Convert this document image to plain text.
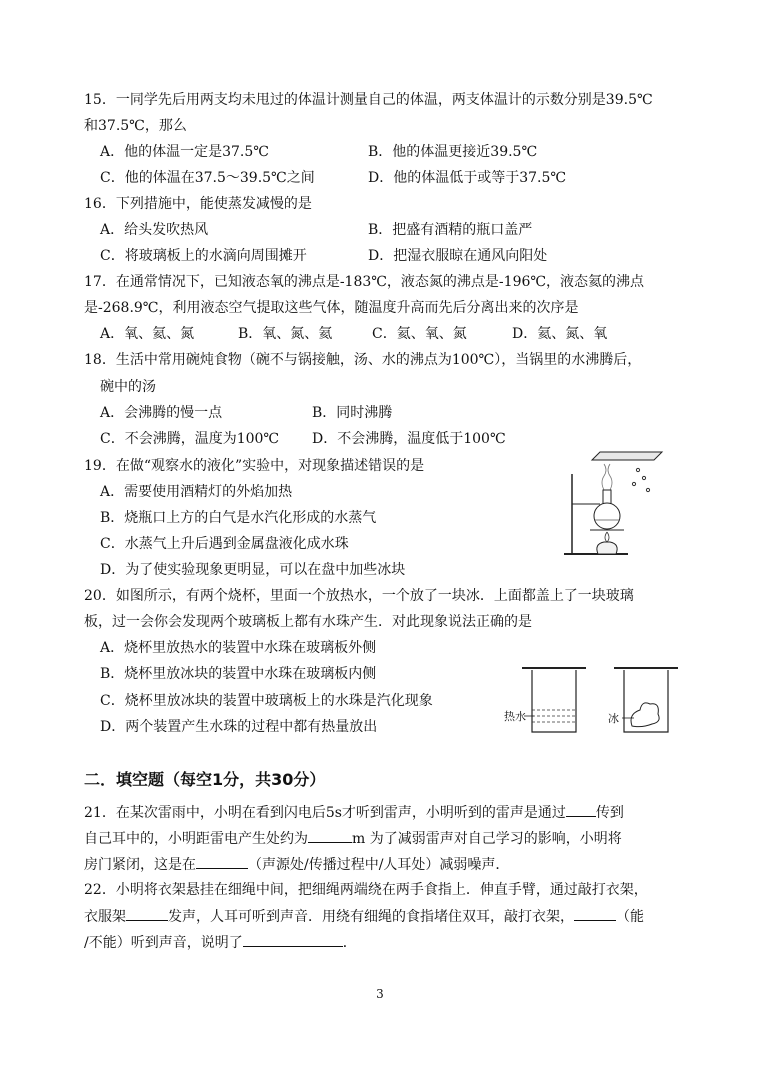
15．一同学先后用两支均未甩过的体温计测量自己的体温，两支体温计的示数分别是39.5℃
和37.5℃，那么
A．他的体温一定是37.5℃	B．他的体温更接近39.5℃
C．他的体温在37.5～39.5℃之间	D．他的体温低于或等于37.5℃
16．下列措施中，能使蒸发减慢的是
A．给头发吹热风	B．把盛有酒精的瓶口盖严
C．将玻璃板上的水滴向周围摊开	D．把湿衣服晾在通风向阳处
17．在通常情况下，已知液态氧的沸点是-183℃，液态氮的沸点是-196℃，液态氦的沸点
是-268.9℃，利用液态空气提取这些气体，随温度升高而先后分离出来的次序是
A．氧、氦、氮	B．氧、氮、氦	C．氦、氧、氮	D．氦、氮、氧
18．生活中常用碗炖食物（碗不与锅接触，汤、水的沸点为100℃），当锅里的水沸腾后，
碗中的汤
A．会沸腾的慢一点	B．同时沸腾
C．不会沸腾，温度为100℃ D．不会沸腾，温度低于100℃
19．在做“观察水的液化”实验中，对现象描述错误的是
A．需要使用酒精灯的外焰加热
B．烧瓶口上方的白气是水汽化形成的水蒸气
C．水蒸气上升后遇到金属盘液化成水珠
D．为了使实验现象更明显，可以在盘中加些冰块
20．如图所示，有两个烧杯，里面一个放热水，一个放了一块冰．上面都盖上了一块玻璃
板，过一会你会发现两个玻璃板上都有水珠产生．对此现象说法正确的是
A．烧杯里放热水的装置中水珠在玻璃板外侧
B．烧杯里放冰块的装置中水珠在玻璃板内侧
C．烧杯里放冰块的装置中玻璃板上的水珠是汽化现象
D．两个装置产生水珠的过程中都有热量放出
热水	冰
二．填空题（每空1分，共30分）
21．在某次雷雨中，小明在看到闪电后5s才听到雷声，小明听到的雷声是通过 传到
自己耳中的，小明距雷电产生处约为	m 为了减弱雷声对自己学习的影响，小明将
房门紧闭，这是在	（声源处/传播过程中/人耳处）减弱噪声．
22．小明将衣架悬挂在细绳中间，把细绳两端绕在两手食指上．伸直手臂，通过敲打衣架，
衣服架	发声，人耳可听到声音．用绕有细绳的食指堵住双耳，敲打衣架，	（能
/不能）听到声音，说明了	．
3
